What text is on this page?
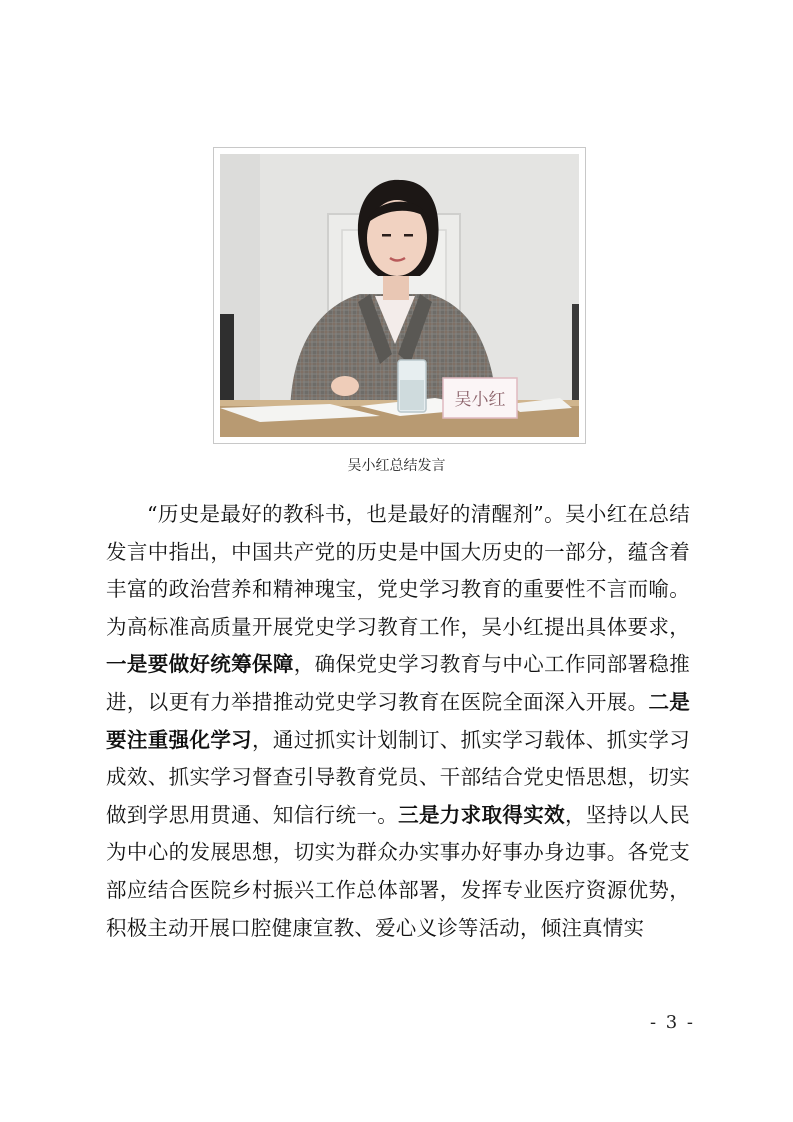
吴小红
吴小红总结发言

“历史是最好的教科书，也是最好的清醒剂”。吴小红在总结发言中指出，中国共产党的历史是中国大历史的一部分，蕴含着丰富的政治营养和精神瑰宝，党史学习教育的重要性不言而喻。为高标准高质量开展党史学习教育工作，吴小红提出具体要求，一是要做好统筹保障，确保党史学习教育与中心工作同部署稳推进，以更有力举措推动党史学习教育在医院全面深入开展。二是要注重强化学习，通过抓实计划制订、抓实学习载体、抓实学习成效、抓实学习督查引导教育党员、干部结合党史悟思想，切实做到学思用贯通、知信行统一。三是力求取得实效，坚持以人民为中心的发展思想，切实为群众办实事办好事办身边事。各党支部应结合医院乡村振兴工作总体部署，发挥专业医疗资源优势，积极主动开展口腔健康宣教、爱心义诊等活动，倾注真情实

- 3 -
